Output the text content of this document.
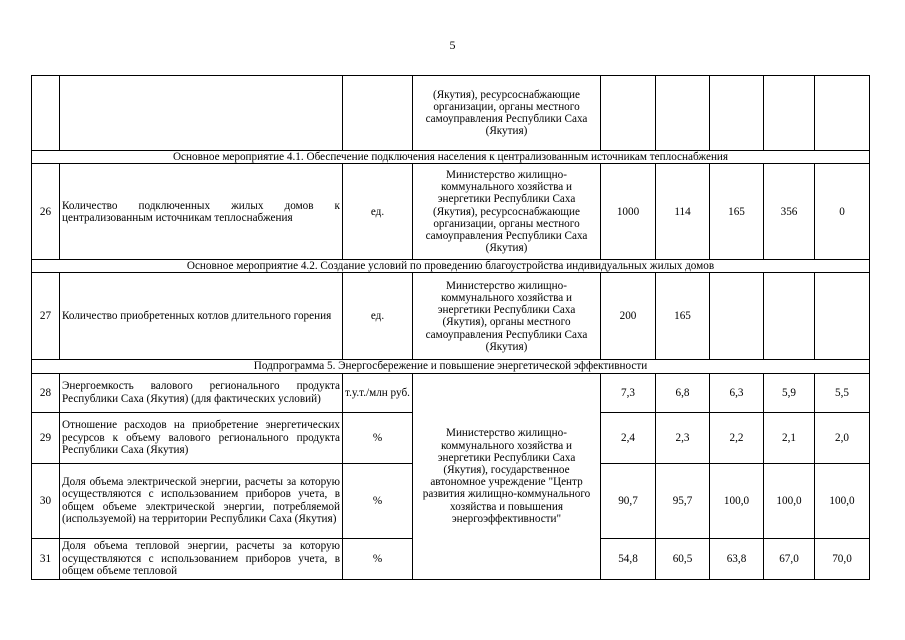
5
			(Якутия), ресурсоснабжающие организации, органы местного самоуправления Республики Саха (Якутия)					
Основное мероприятие 4.1. Обеспечение подключения населения к централизованным источникам теплоснабжения								
26	Количество подключенных жилых домов к централизованным источникам теплоснабжения	ед.	Министерство жилищно-коммунального хозяйства и энергетики Республики Саха (Якутия), ресурсоснабжающие организации, органы местного самоуправления Республики Саха (Якутия)	1000	114	165	356	0
Основное мероприятие 4.2. Создание условий по проведению благоустройства индивидуальных жилых домов								
27	Количество приобретенных котлов длительного горения	ед.	Министерство жилищно-коммунального хозяйства и энергетики Республики Саха (Якутия), органы местного самоуправления Республики Саха (Якутия)	200	165			
Подпрограмма 5. Энергосбережение и повышение энергетической эффективности								
28	Энергоемкость валового регионального продукта Республики Саха (Якутия) (для фактических условий)	т.у.т./млн руб.	Министерство жилищно-коммунального хозяйства и энергетики Республики Саха (Якутия), государственное автономное учреждение "Центр развития жилищно-коммунального хозяйства и повышения энергоэффективности"	7,3	6,8	6,3	5,9	5,5
29	Отношение расходов на приобретение энергетических ресурсов к объему валового регионального продукта Республики Саха (Якутия)	%		2,4	2,3	2,2	2,1	2,0
30	Доля объема электрической энергии, расчеты за которую осуществляются с использованием приборов учета, в общем объеме электрической энергии, потребляемой (используемой) на территории Республики Саха (Якутия)	%		90,7	95,7	100,0	100,0	100,0
31	Доля объема тепловой энергии, расчеты за которую осуществляются с использованием приборов учета, в общем объеме тепловой	%		54,8	60,5	63,8	67,0	70,0
